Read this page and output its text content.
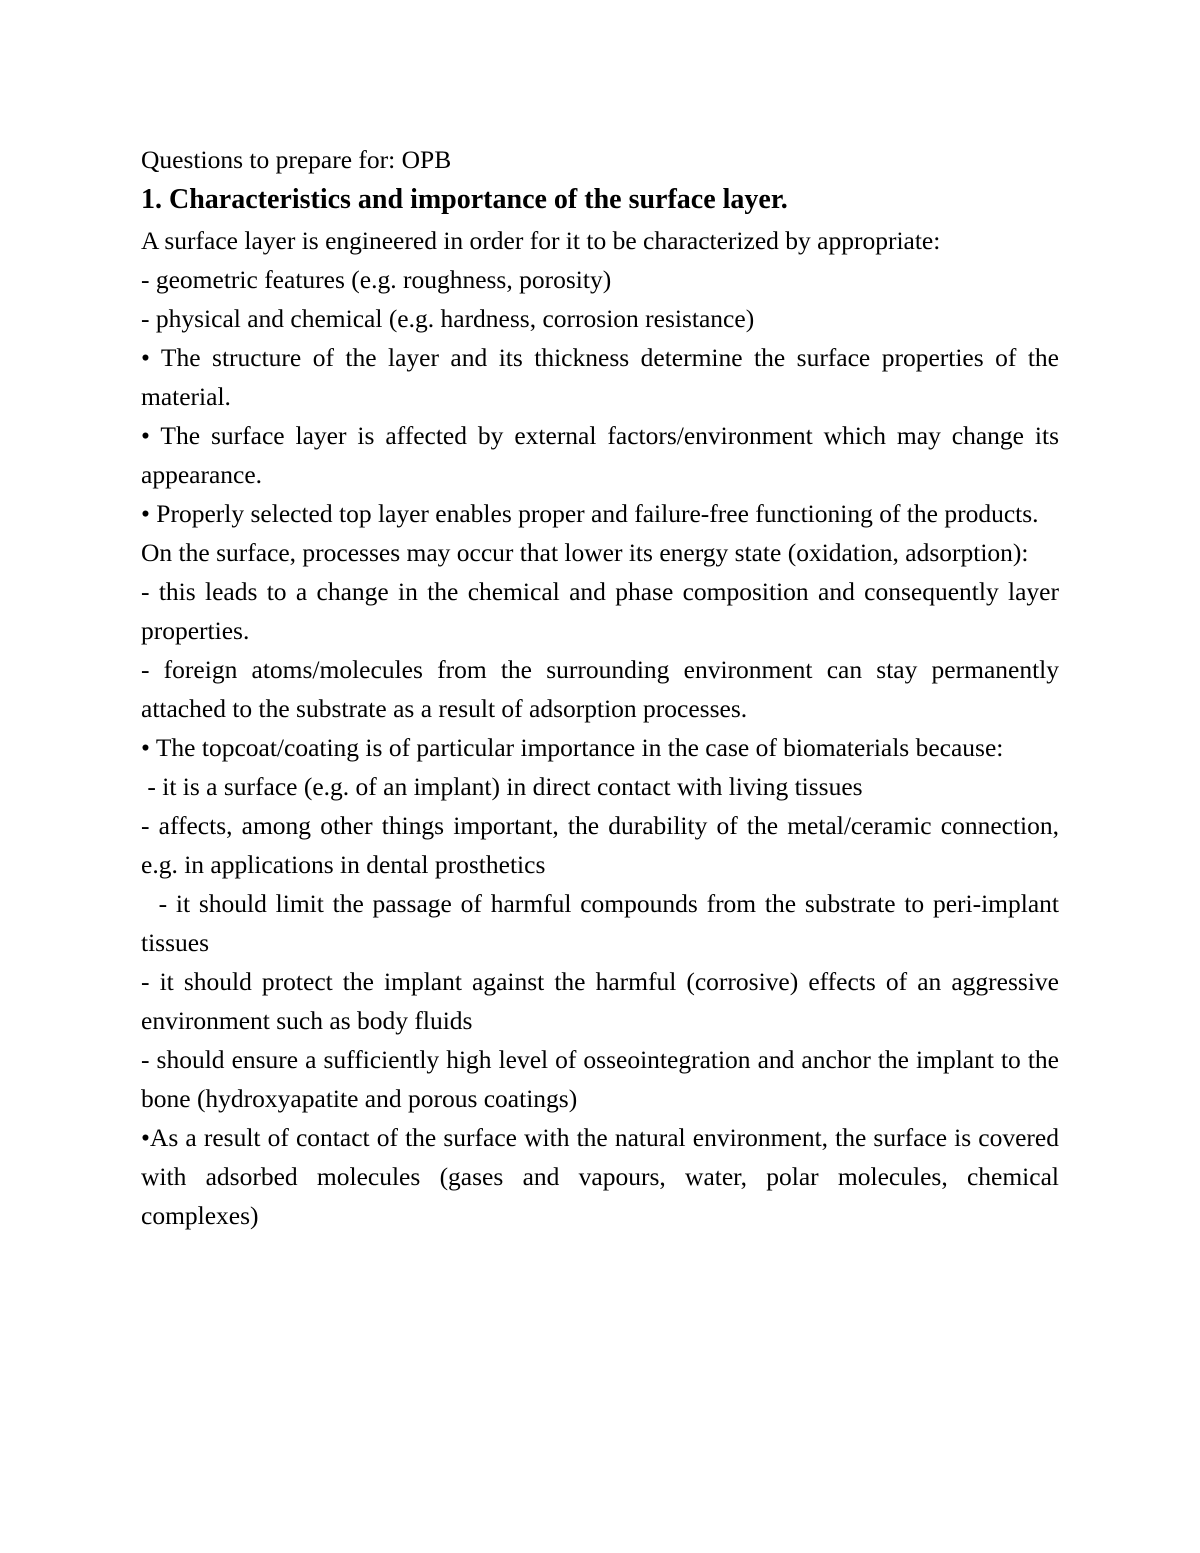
Questions to prepare for: OPB

1. Characteristics and importance of the surface layer.

A surface layer is engineered in order for it to be characterized by appropriate:

- geometric features (e.g. roughness, porosity)

- physical and chemical (e.g. hardness, corrosion resistance)

• The structure of the layer and its thickness determine the surface properties of the material.

• The surface layer is affected by external factors/environment which may change its appearance.

• Properly selected top layer enables proper and failure-free functioning of the products.

On the surface, processes may occur that lower its energy state (oxidation, adsorption):

- this leads to a change in the chemical and phase composition and consequently layer properties.

- foreign atoms/molecules from the surrounding environment can stay permanently attached to the substrate as a result of adsorption processes.

• The topcoat/coating is of particular importance in the case of biomaterials because:

- it is a surface (e.g. of an implant) in direct contact with living tissues

- affects, among other things important, the durability of the metal/ceramic connection, e.g. in applications in dental prosthetics

- it should limit the passage of harmful compounds from the substrate to peri-implant tissues

- it should protect the implant against the harmful (corrosive) effects of an aggressive environment such as body fluids

- should ensure a sufficiently high level of osseointegration and anchor the implant to the bone (hydroxyapatite and porous coatings)

•As a result of contact of the surface with the natural environment, the surface is covered with adsorbed molecules (gases and vapours, water, polar molecules, chemical complexes)
